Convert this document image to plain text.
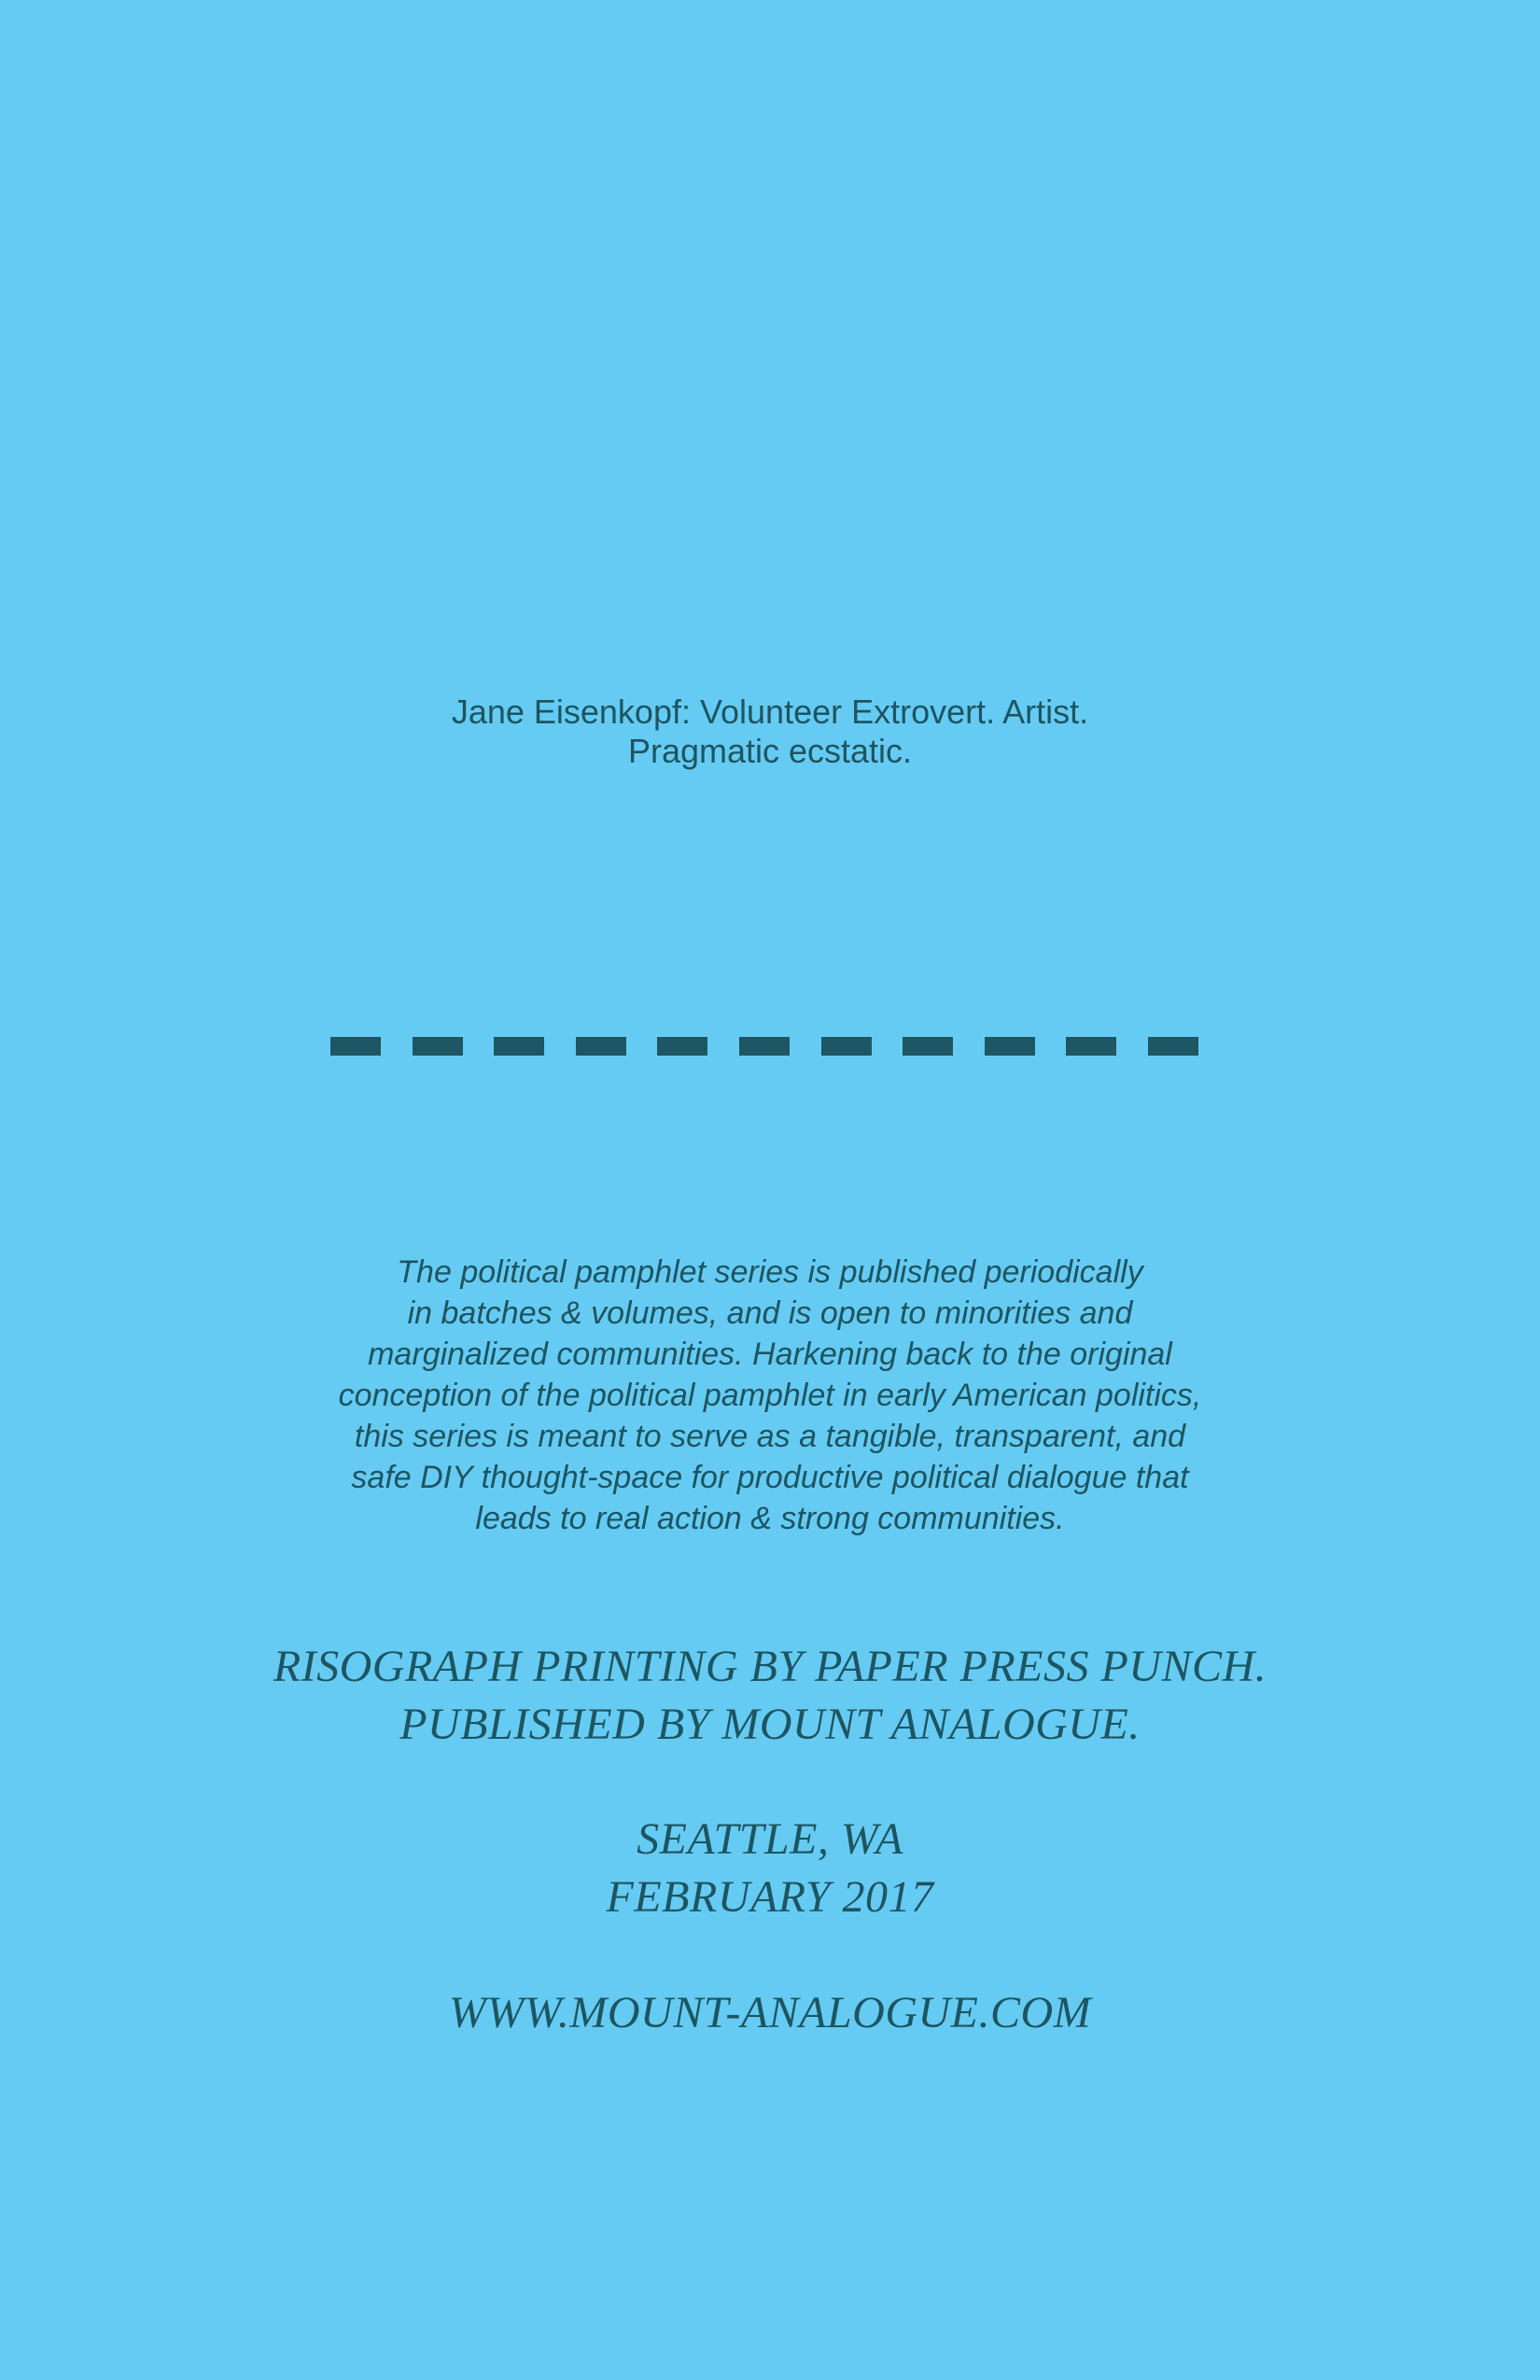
Jane Eisenkopf: Volunteer Extrovert. Artist.
Pragmatic ecstatic.
The political pamphlet series is published periodically
in batches & volumes, and is open to minorities and
marginalized communities. Harkening back to the original
conception of the political pamphlet in early American politics,
this series is meant to serve as a tangible, transparent, and
safe DIY thought-space for productive political dialogue that
leads to real action & strong communities.
RISOGRAPH PRINTING BY PAPER PRESS PUNCH.
PUBLISHED BY MOUNT ANALOGUE.
SEATTLE, WA
FEBRUARY 2017
WWW.MOUNT-ANALOGUE.COM
